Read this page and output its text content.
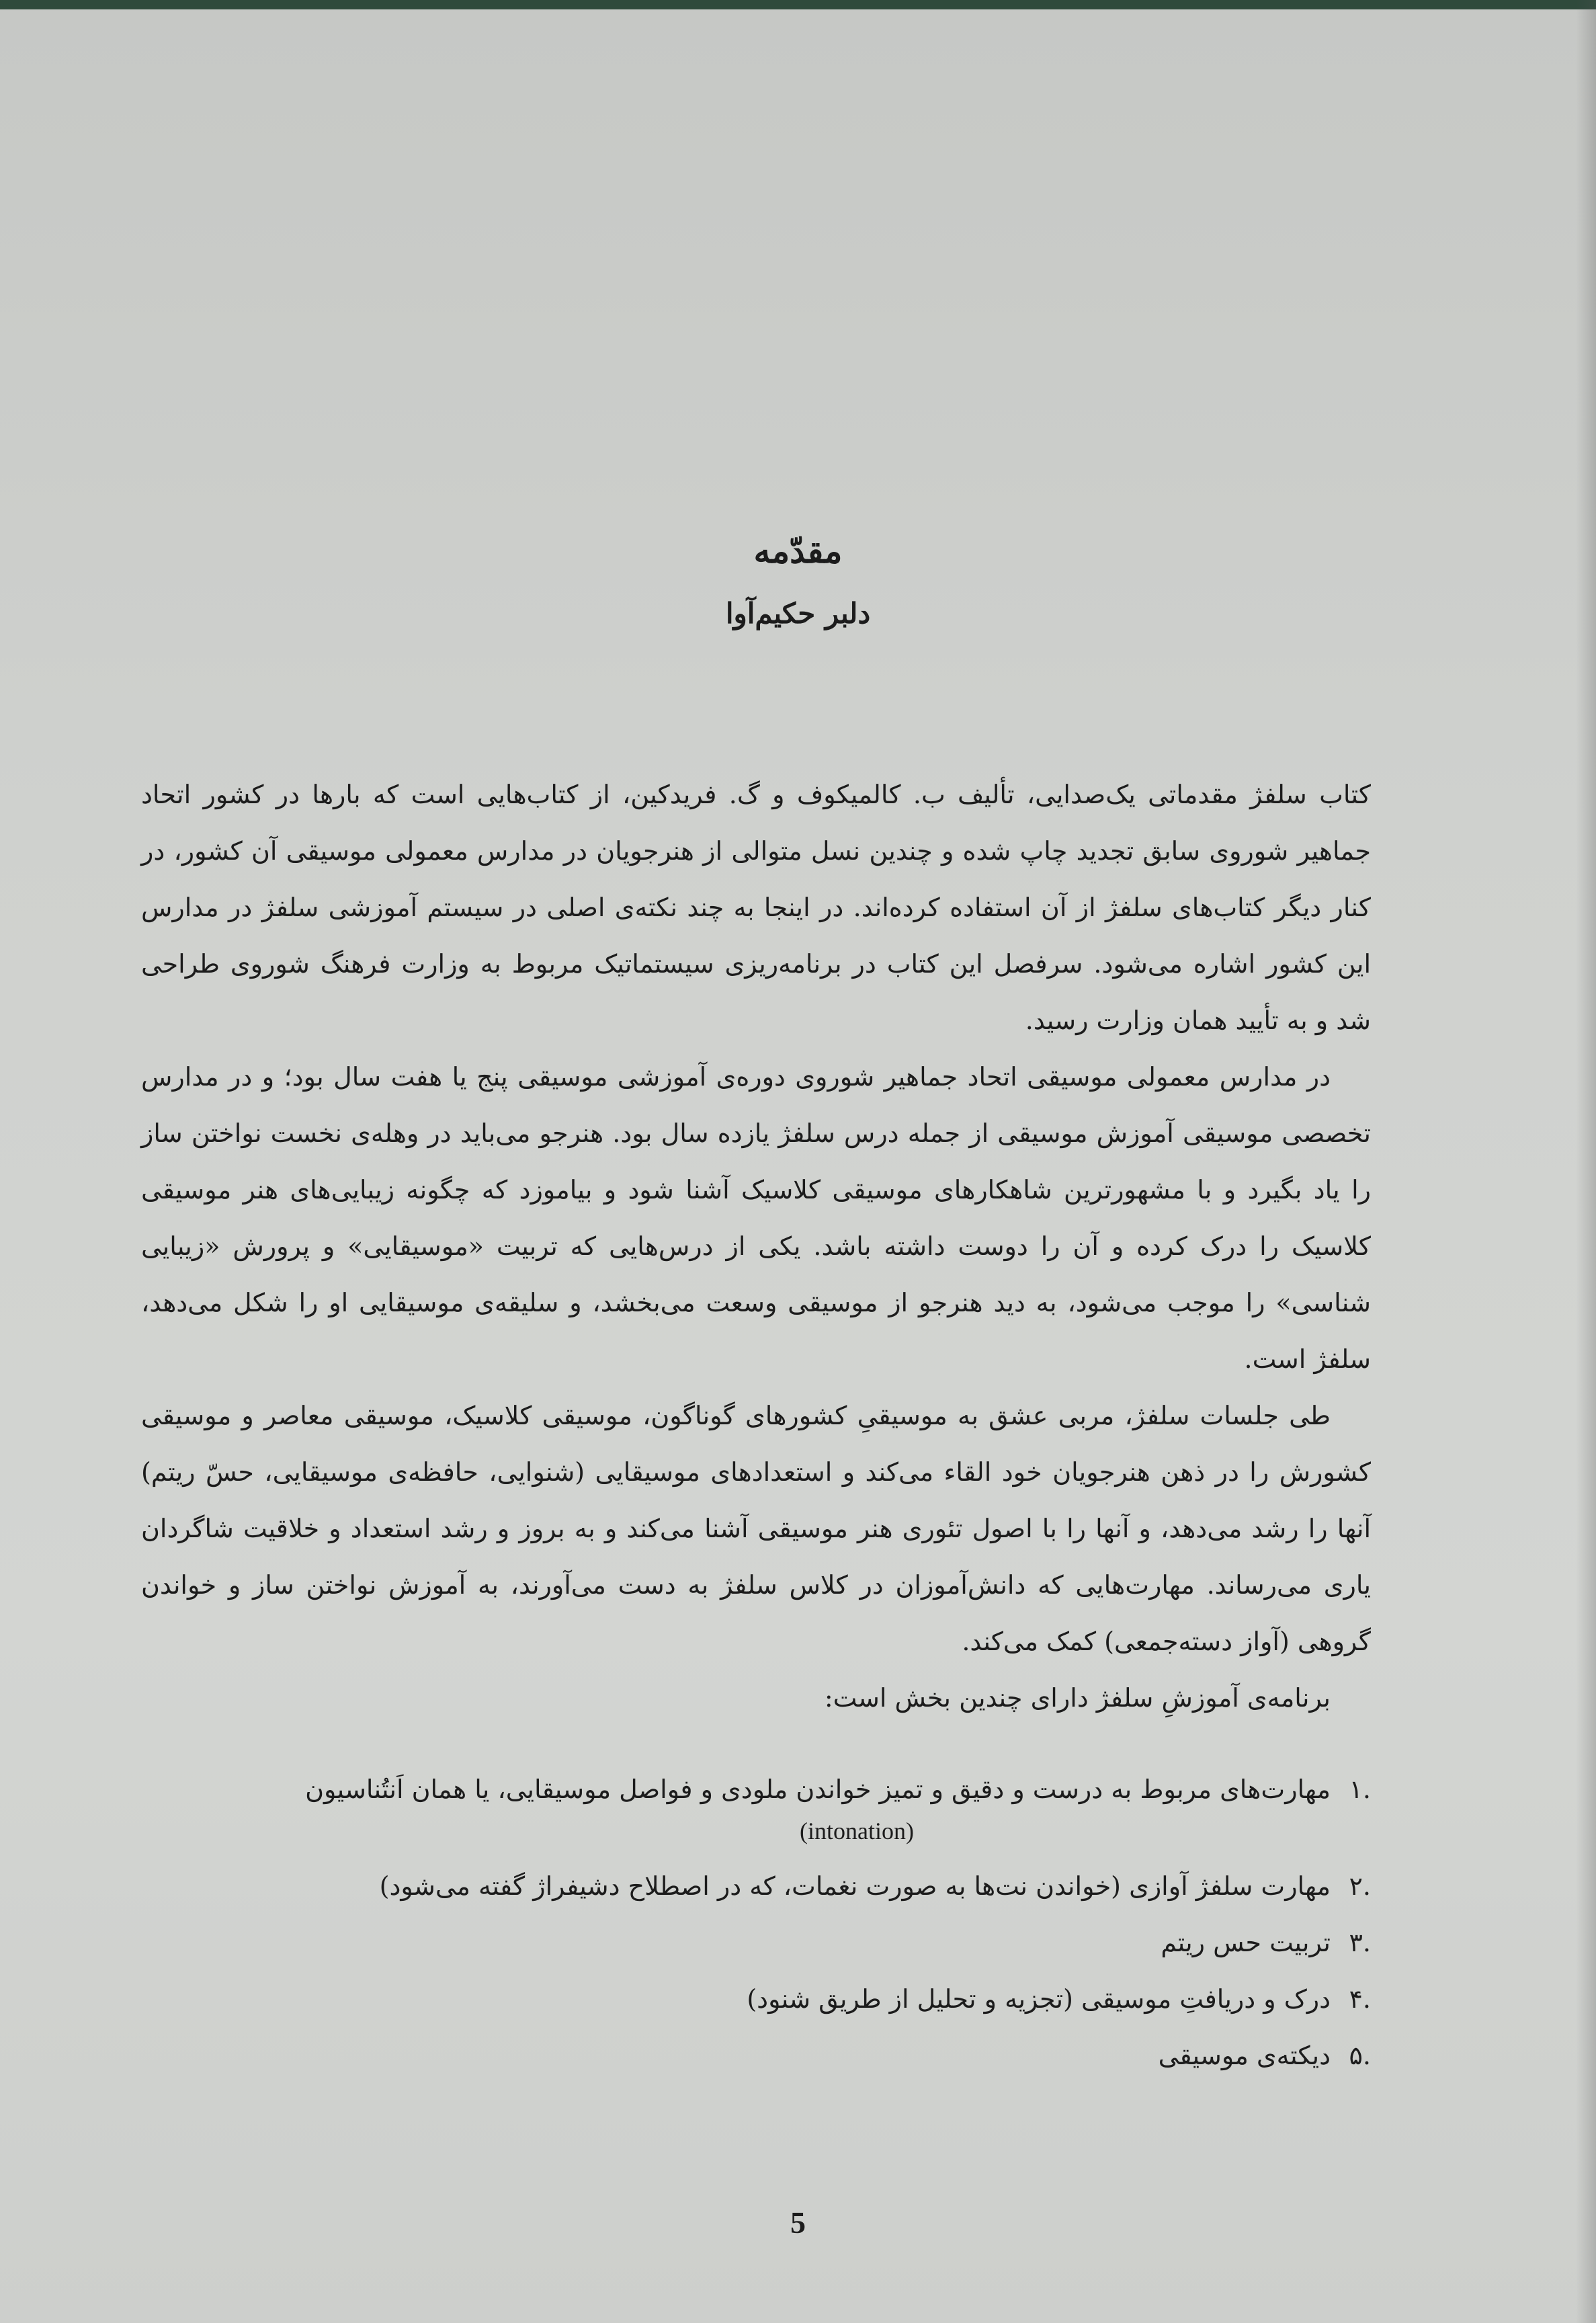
مقدّمه
دلبر حکیم‌آوا

کتاب سلفژ مقدماتی یک‌صدایی، تألیف ب. کالمیکوف و گ. فریدکین، از کتاب‌هایی است که بارها در کشور اتحاد جماهیر شوروی سابق تجدید چاپ شده و چندین نسل متوالی از هنرجویان در مدارس معمولی موسیقی آن کشور، در کنار دیگر کتاب‌های سلفژ از آن استفاده کرده‌اند. در اینجا به چند نکته‌ی اصلی در سیستم آموزشی سلفژ در مدارس این کشور اشاره می‌شود. سرفصل این کتاب در برنامه‌ریزی سیستماتیک مربوط به وزارت فرهنگ شوروی طراحی شد و به تأیید همان وزارت رسید.

در مدارس معمولی موسیقی اتحاد جماهیر شوروی دوره‌ی آموزشی موسیقی پنج یا هفت سال بود؛ و در مدارس تخصصی موسیقی آموزش موسیقی از جمله درس سلفژ یازده سال بود. هنرجو می‌باید در وهله‌ی نخست نواختن ساز را یاد بگیرد و با مشهورترین شاهکارهای موسیقی کلاسیک آشنا شود و بیاموزد که چگونه زیبایی‌های هنر موسیقی کلاسیک را درک کرده و آن را دوست داشته باشد. یکی از درس‌هایی که تربیت «موسیقایی» و پرورش «زیبایی شناسی» را موجب می‌شود، به دید هنرجو از موسیقی وسعت می‌بخشد، و سلیقه‌ی موسیقایی او را شکل می‌دهد، سلفژ است.

طی جلسات سلفژ، مربی عشق به موسیقیِ کشورهای گوناگون، موسیقی کلاسیک، موسیقی معاصر و موسیقی کشورش را در ذهن هنرجویان خود القاء می‌کند و استعدادهای موسیقایی (شنوایی، حافظه‌ی موسیقایی، حسّ ریتم) آنها را رشد می‌دهد، و آنها را با اصول تئوری هنر موسیقی آشنا می‌کند و به بروز و رشد استعداد و خلاقیت شاگردان یاری می‌رساند. مهارت‌هایی که دانش‌آموزان در کلاس سلفژ به دست می‌آورند، به آموزش نواختن ساز و خواندن گروهی (آواز دسته‌جمعی) کمک می‌کند.

برنامه‌ی آموزشِ سلفژ دارای چندین بخش است:

.۱
مهارت‌های مربوط به درست و دقیق و تمیز خواندن ملودی و فواصل موسیقایی، یا همان اَنتُناسیون
(intonation)
.۲
مهارت سلفژ آوازی (خواندن نت‌ها به صورت نغمات، که در اصطلاح دشیفراژ گفته می‌شود)
.۳
تربیت حس ریتم
.۴
درک و دریافتِ موسیقی (تجزیه و تحلیل از طریق شنود)
.۵
دیکته‌ی موسیقی
5
